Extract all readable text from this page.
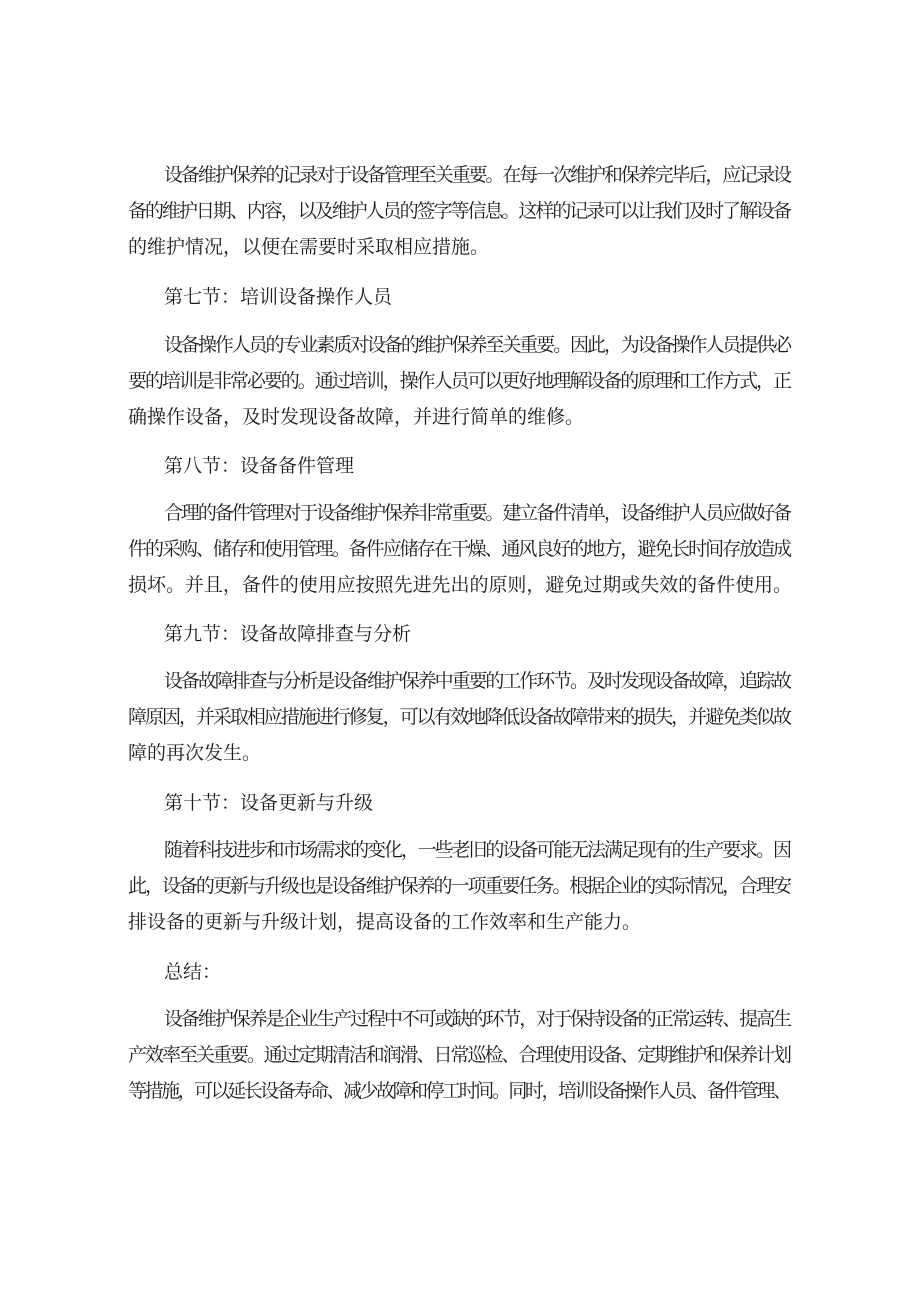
设备维护保养的记录对于设备管理至关重要。在每一次维护和保养完毕后，应记录设
备的维护日期、内容，以及维护人员的签字等信息。这样的记录可以让我们及时了解设备
的维护情况，以便在需要时采取相应措施。
第七节：培训设备操作人员
设备操作人员的专业素质对设备的维护保养至关重要。因此，为设备操作人员提供必
要的培训是非常必要的。通过培训，操作人员可以更好地理解设备的原理和工作方式，正
确操作设备，及时发现设备故障，并进行简单的维修。
第八节：设备备件管理
合理的备件管理对于设备维护保养非常重要。建立备件清单，设备维护人员应做好备
件的采购、储存和使用管理。备件应储存在干燥、通风良好的地方，避免长时间存放造成
损坏。并且，备件的使用应按照先进先出的原则，避免过期或失效的备件使用。
第九节：设备故障排查与分析
设备故障排查与分析是设备维护保养中重要的工作环节。及时发现设备故障，追踪故
障原因，并采取相应措施进行修复，可以有效地降低设备故障带来的损失，并避免类似故
障的再次发生。
第十节：设备更新与升级
随着科技进步和市场需求的变化，一些老旧的设备可能无法满足现有的生产要求。因
此，设备的更新与升级也是设备维护保养的一项重要任务。根据企业的实际情况，合理安
排设备的更新与升级计划，提高设备的工作效率和生产能力。
总结：
设备维护保养是企业生产过程中不可或缺的环节，对于保持设备的正常运转、提高生
产效率至关重要。通过定期清洁和润滑、日常巡检、合理使用设备、定期维护和保养计划
等措施，可以延长设备寿命、减少故障和停工时间。同时，培训设备操作人员、备件管理、
